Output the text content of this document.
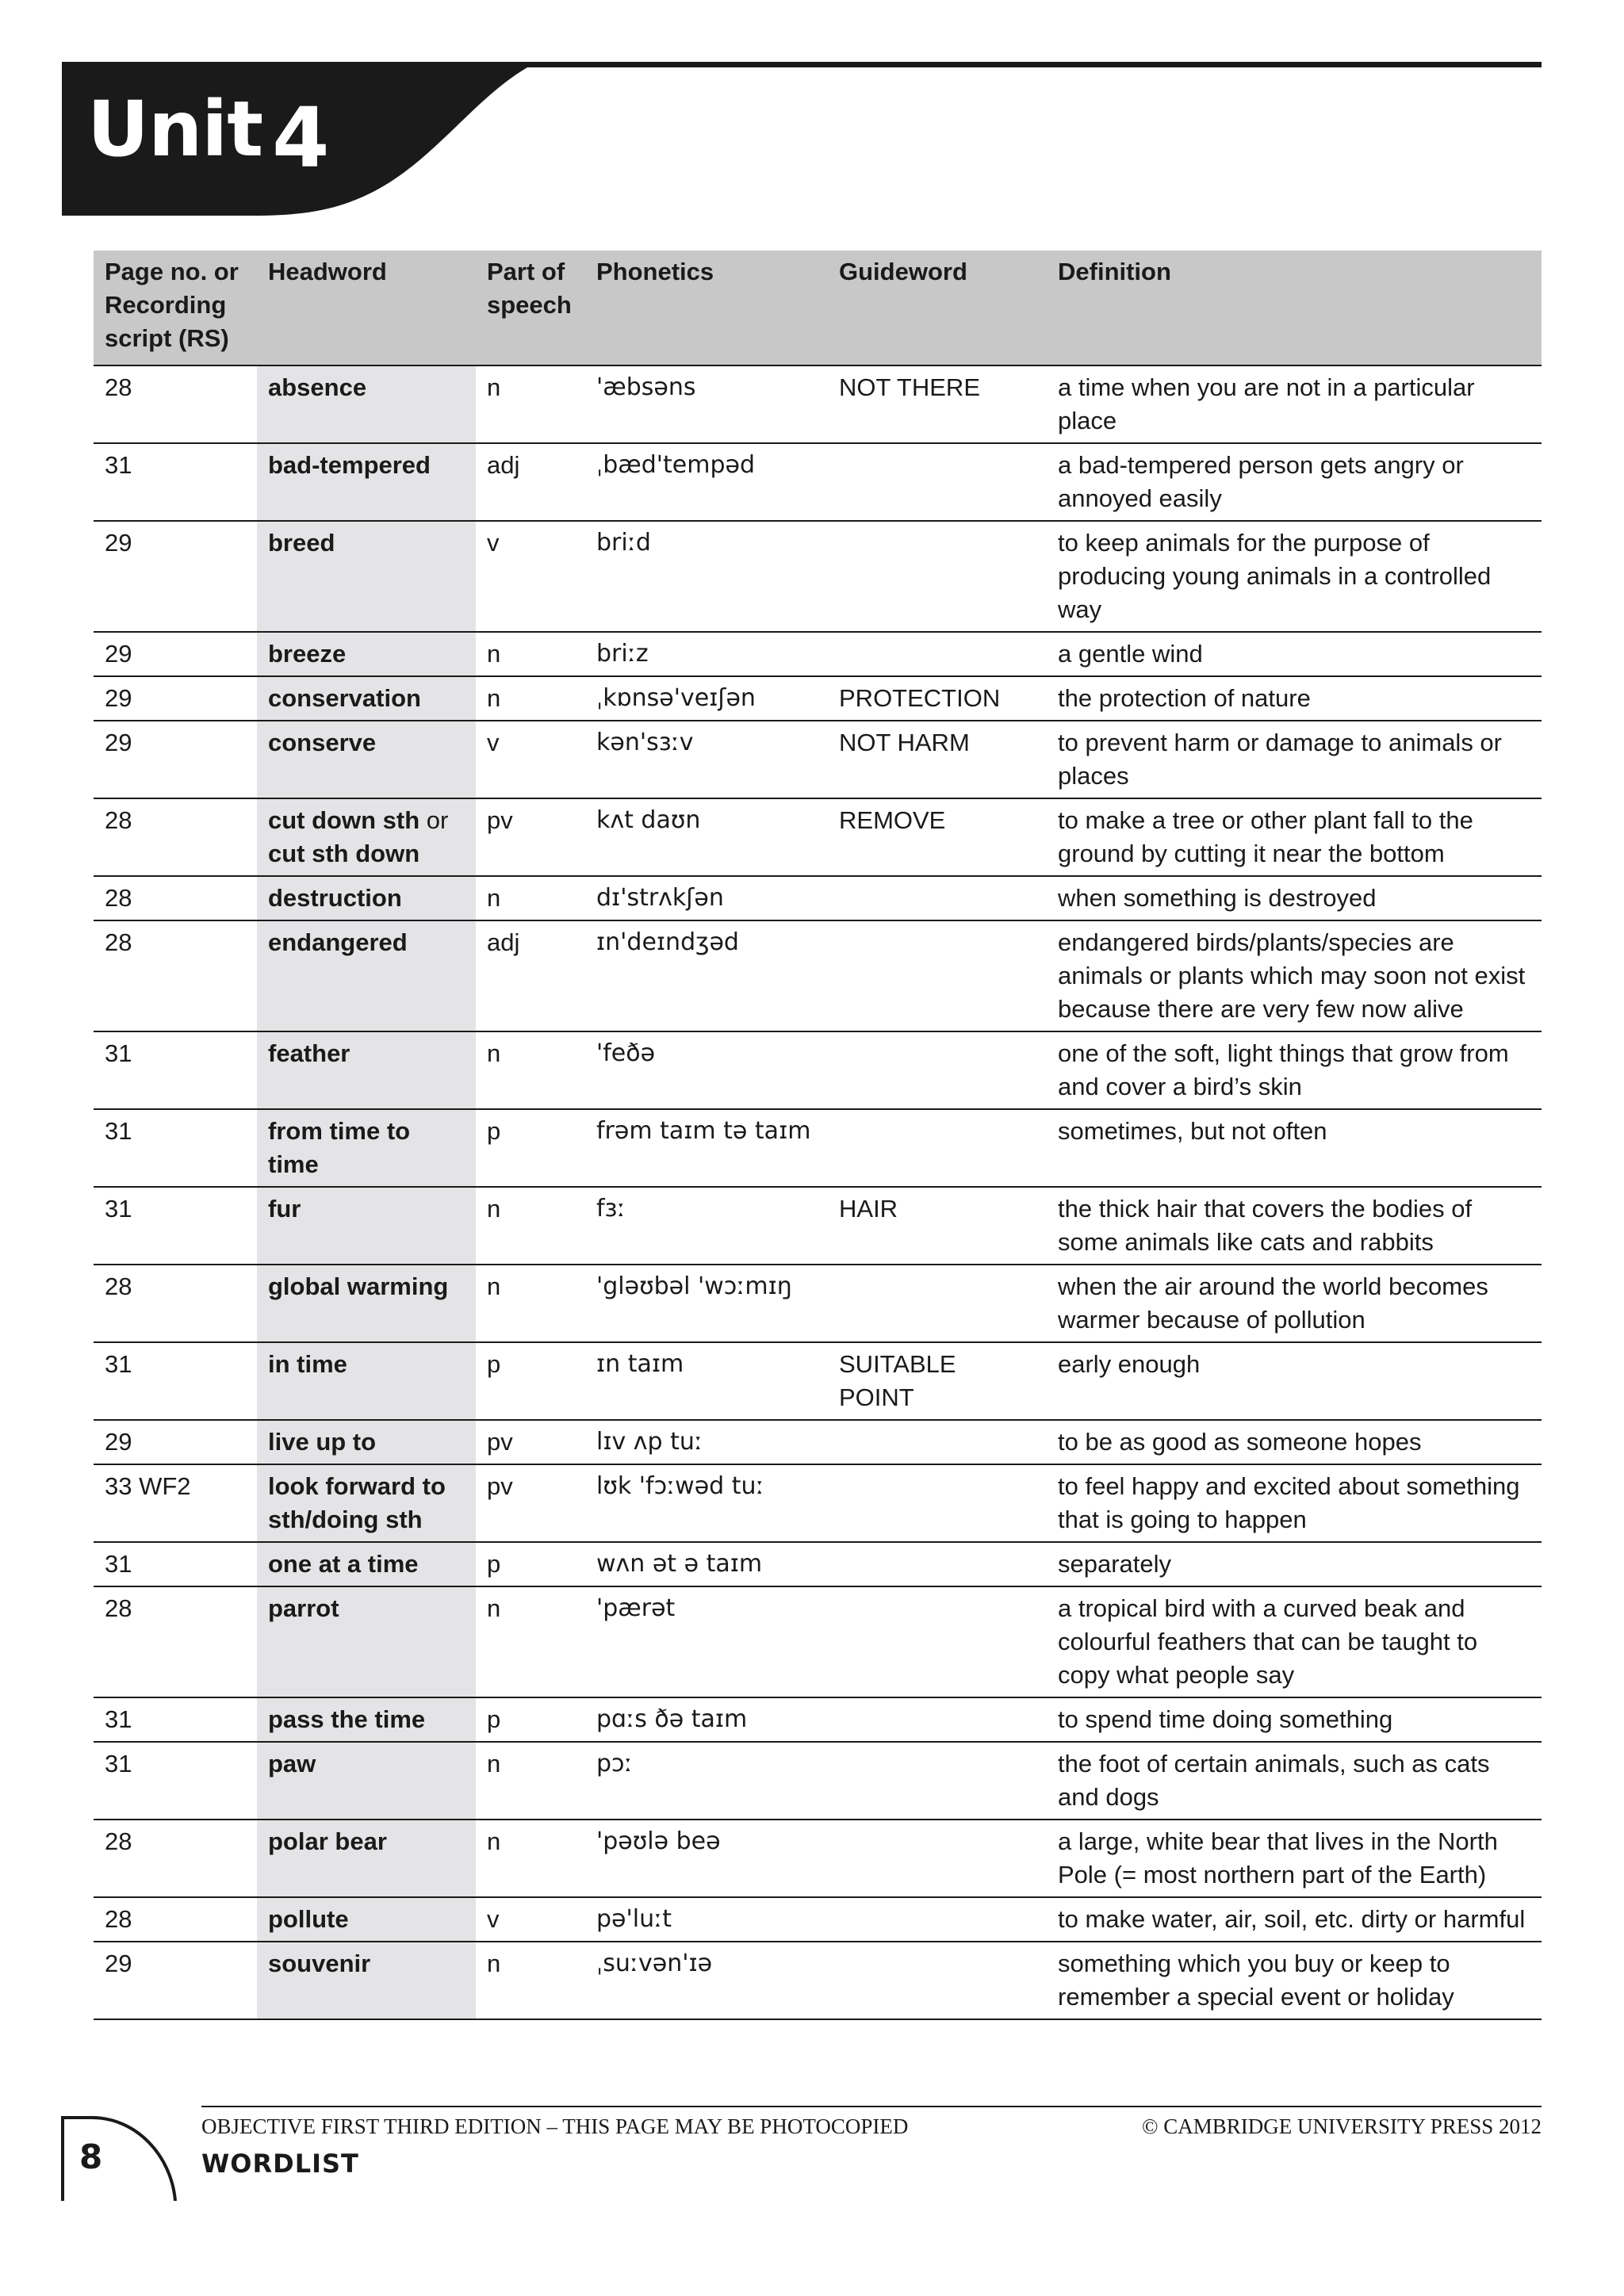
Unit 4
Page no. or Recording script (RS)	Headword	Part of speech	Phonetics	Guideword	Definition
28	absence	n	'æbsəns	NOT THERE	a time when you are not in a particular place
31	bad-tempered	adj	ˌbæd'tempəd		a bad-tempered person gets angry or annoyed easily
29	breed	v	briːd		to keep animals for the purpose of producing young animals in a controlled way
29	breeze	n	briːz		a gentle wind
29	conservation	n	ˌkɒnsə'veɪʃən	PROTECTION	the protection of nature
29	conserve	v	kən'sɜːv	NOT HARM	to prevent harm or damage to animals or places
28	cut down sth or cut sth down	pv	kʌt daʊn	REMOVE	to make a tree or other plant fall to the ground by cutting it near the bottom
28	destruction	n	dɪ'strʌkʃən		when something is destroyed
28	endangered	adj	ɪn'deɪndʒəd		endangered birds/plants/species are animals or plants which may soon not exist because there are very few now alive
31	feather	n	'feðə		one of the soft, light things that grow from and cover a bird’s skin
31	from time to time	p	frəm taɪm tə taɪm		sometimes, but not often
31	fur	n	fɜː	HAIR	the thick hair that covers the bodies of some animals like cats and rabbits
28	global warming	n	'gləʊbəl 'wɔːmɪŋ		when the air around the world becomes warmer because of pollution
31	in time	p	ɪn taɪm	SUITABLE POINT	early enough
29	live up to	pv	lɪv ʌp tuː		to be as good as someone hopes
33 WF2	look forward to sth/doing sth	pv	lʊk 'fɔːwəd tuː		to feel happy and excited about something that is going to happen
31	one at a time	p	wʌn ət ə taɪm		separately
28	parrot	n	'pærət		a tropical bird with a curved beak and colourful feathers that can be taught to copy what people say
31	pass the time	p	pɑːs ðə taɪm		to spend time doing something
31	paw	n	pɔː		the foot of certain animals, such as cats and dogs
28	polar bear	n	'pəʊlə beə		a large, white bear that lives in the North Pole (= most northern part of the Earth)
28	pollute	v	pə'luːt		to make water, air, soil, etc. dirty or harmful
29	souvenir	n	ˌsuːvən'ɪə		something which you buy or keep to remember a special event or holiday
OBJECTIVE FIRST THIRD EDITION – THIS PAGE MAY BE PHOTOCOPIED	© CAMBRIDGE UNIVERSITY PRESS 2012
WORDLIST
8
